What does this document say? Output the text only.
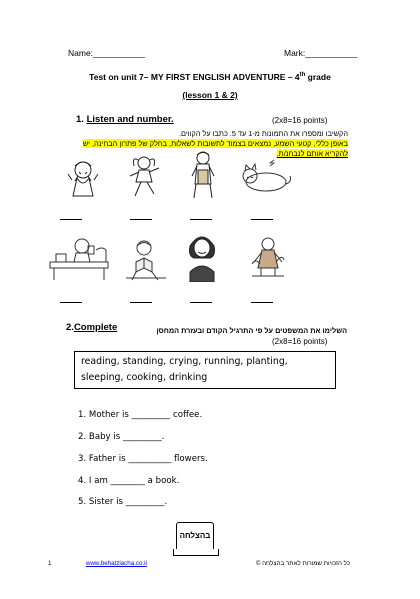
Name:___________	Mark:___________
Test on unit 7– MY FIRST ENGLISH ADVENTURE – 4th grade
(lesson 1 & 2)
1. Listen and number.	(2x8=16 points)
הקשיבו ומספרו את התמונות מ-1 עד 5. כתבו על הקווים.
באופן כללי, קטעי השמע, נמצאים בצמוד לתשובות לשאלות, בחלק של פתרון הבחינה, יש
להקריא אותם לנבחנ/ת.
2.Complete	השלימו את המשפטים על פי התרגיל הקודם ובעזרת המחסן
(2x8=16 points)
reading, standing, crying, running, planting,
sleeping, cooking, drinking
1. Mother is _________ coffee.
2. Baby is _________.
3. Father is __________ flowers.
4. I am ________ a book.
5. Sister is _________.
בהצלחה
1	www.behatzlacha.co.il	כל הזכויות שמורות לאתר בהצלחה ©
